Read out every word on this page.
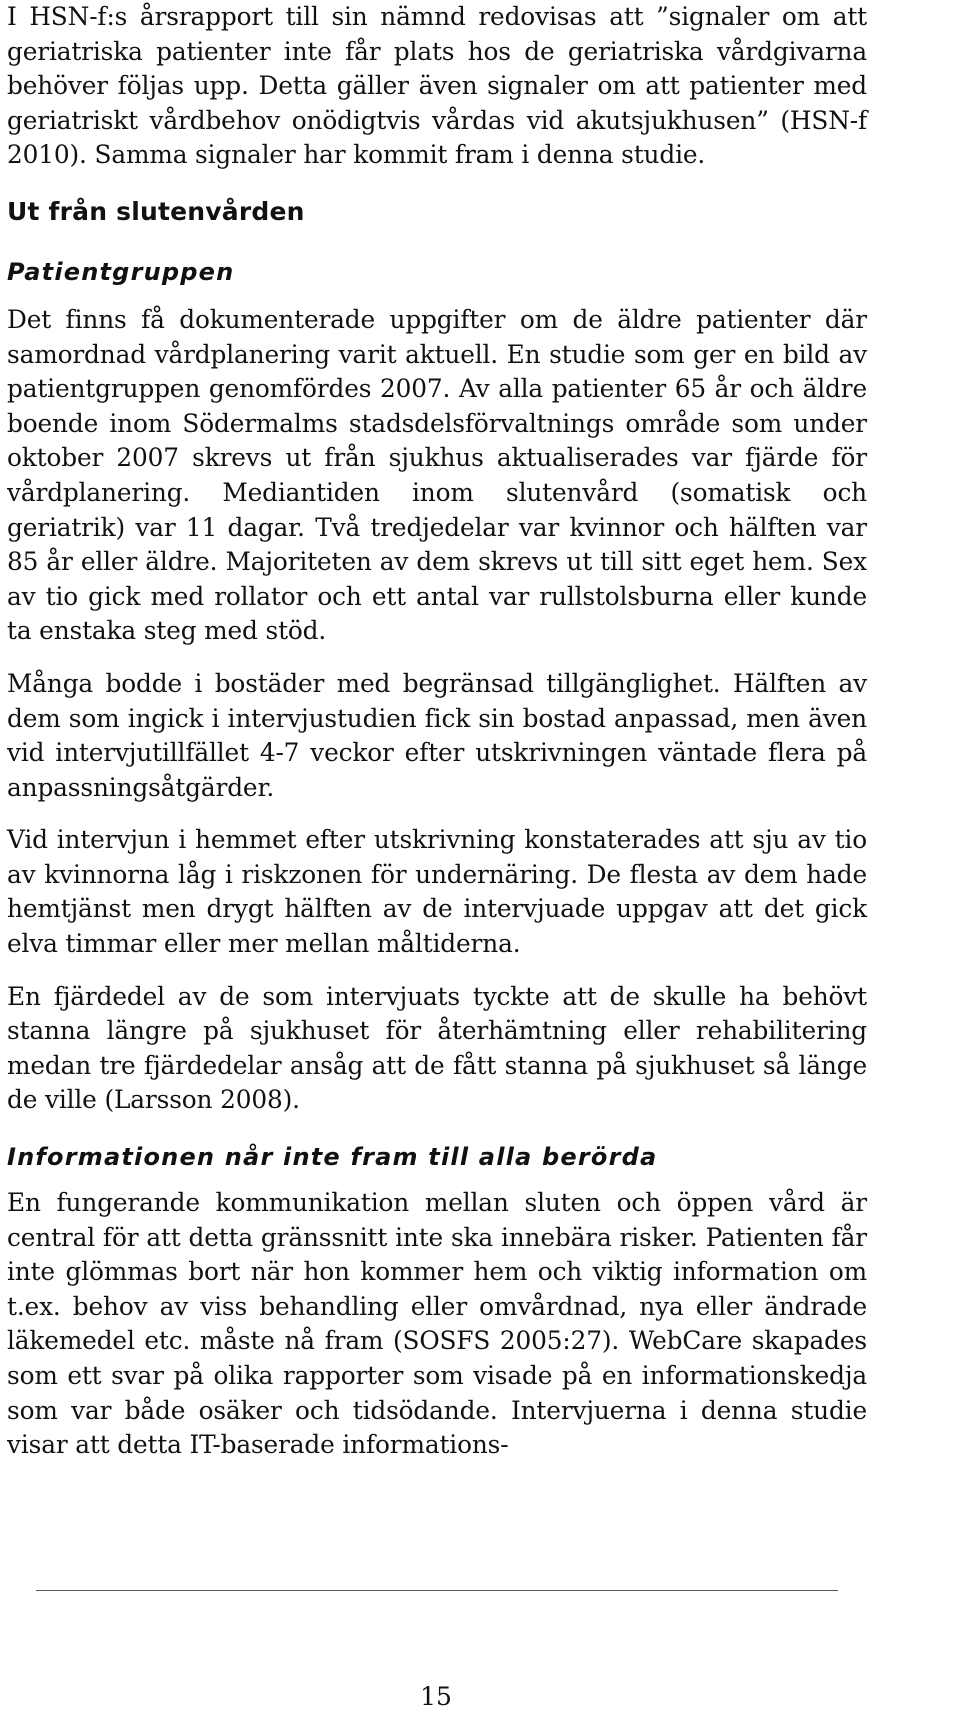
I HSN-f:s årsrapport till sin nämnd redovisas att ”signaler om att geriatriska patienter inte får plats hos de geriatriska vårdgivarna behöver följas upp. Detta gäller även signaler om att patienter med geriatriskt vårdbehov onödigtvis vårdas vid akutsjukhusen” (HSN-f 2010). Samma signaler har kommit fram i denna studie.

Ut från slutenvården
Patientgruppen

Det finns få dokumenterade uppgifter om de äldre patienter där samordnad vårdplanering varit aktuell. En studie som ger en bild av patientgruppen genomfördes 2007. Av alla patienter 65 år och äldre boende inom Södermalms stadsdelsförvaltnings område som under oktober 2007 skrevs ut från sjukhus aktualiserades var fjärde för vårdplanering. Mediantiden inom slutenvård (somatisk och geriatrik) var 11 dagar. Två tredjedelar var kvinnor och hälften var 85 år eller äldre. Majoriteten av dem skrevs ut till sitt eget hem. Sex av tio gick med rollator och ett antal var rullstolsburna eller kunde ta enstaka steg med stöd.

Många bodde i bostäder med begränsad tillgänglighet. Hälften av dem som ingick i intervjustudien fick sin bostad anpassad, men även vid intervjutillfället 4-7 veckor efter utskrivningen väntade flera på anpassningsåtgärder.

Vid intervjun i hemmet efter utskrivning konstaterades att sju av tio av kvinnorna låg i riskzonen för undernäring. De flesta av dem hade hemtjänst men drygt hälften av de intervjuade uppgav att det gick elva timmar eller mer mellan måltiderna.

En fjärdedel av de som intervjuats tyckte att de skulle ha behövt stanna längre på sjukhuset för återhämtning eller rehabilitering medan tre fjärdedelar ansåg att de fått stanna på sjukhuset så länge de ville (Larsson 2008).

Informationen når inte fram till alla berörda

En fungerande kommunikation mellan sluten och öppen vård är central för att detta gränssnitt inte ska innebära risker. Patienten får inte glömmas bort när hon kommer hem och viktig information om t.ex. behov av viss behandling eller omvårdnad, nya eller ändrade läkemedel etc. måste nå fram (SOSFS 2005:27). WebCare skapades som ett svar på olika rapporter som visade på en informationskedja som var både osäker och tidsödande. Intervjuerna i denna studie visar att detta IT-baserade informations-

15
